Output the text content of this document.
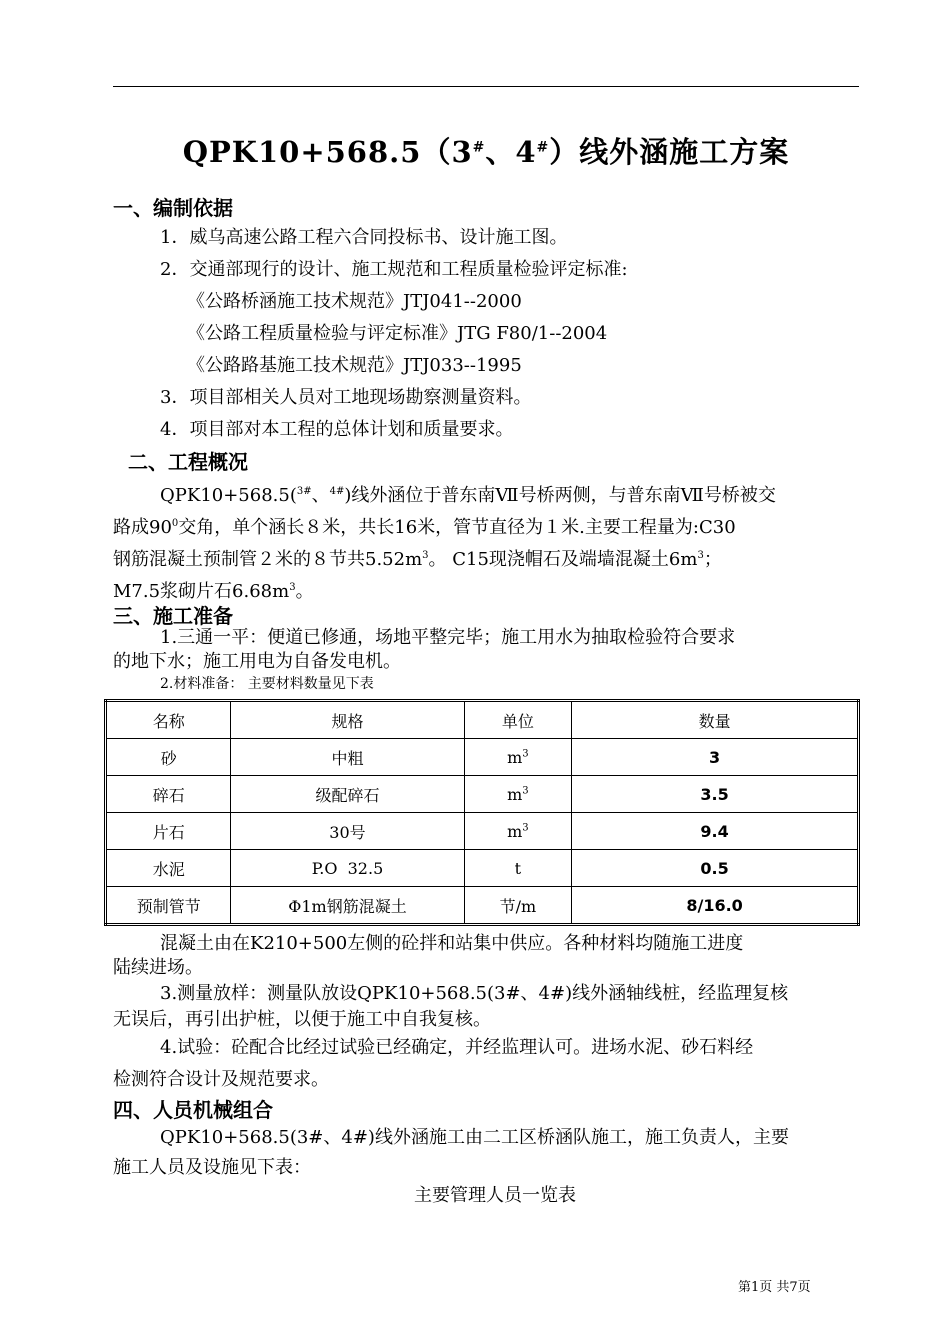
QPK10+568.5（3#、4#）线外涵施工方案
一、编制依据
1．威乌高速公路工程六合同投标书、设计施工图。
2．交通部现行的设计、施工规范和工程质量检验评定标准:
《公路桥涵施工技术规范》JTJ041--2000
《公路工程质量检验与评定标准》JTG F80/1--2004
《公路路基施工技术规范》JTJ033--1995
3．项目部相关人员对工地现场勘察测量资料。
4．项目部对本工程的总体计划和质量要求。
二、工程概况
QPK10+568.5($^{3\#}$、$^{4\#}$)线外涵位于普东南Ⅶ号桥两侧，与普东南Ⅶ号桥被交
路成$90^0$交角，单个涵长８米，共长16米，管节直径为１米.主要工程量为:C30
钢筋混凝土预制管２米的８节共$5.52m^3$。 C15现浇帽石及端墙混凝土$6m^3$；
M7.5浆砌片石$6.68m^3$。
三、施工准备
1.三通一平：便道已修通，场地平整完毕；施工用水为抽取检验符合要求
的地下水；施工用电为自备发电机。
2.材料准备： 主要材料数量见下表
名称	规格	单位	数量
砂	中粗	$m^3$	3
碎石	级配碎石	$m^3$	3.5
片石	30号	$m^3$	9.4
水泥	P.O  32.5	t	0.5
预制管节	Φ1m钢筋混凝土	节/m	8/16.0
混凝土由在K210+500左侧的砼拌和站集中供应。各种材料均随施工进度
陆续进场。
3.测量放样：测量队放设QPK10+568.5(3#、4#)线外涵轴线桩，经监理复核
无误后，再引出护桩，以便于施工中自我复核。
4.试验：砼配合比经过试验已经确定，并经监理认可。进场水泥、砂石料经
检测符合设计及规范要求。
四、人员机械组合
QPK10+568.5(3#、4#)线外涵施工由二工区桥涵队施工，施工负责人，主要
施工人员及设施见下表：
主要管理人员一览表
第1页 共7页
